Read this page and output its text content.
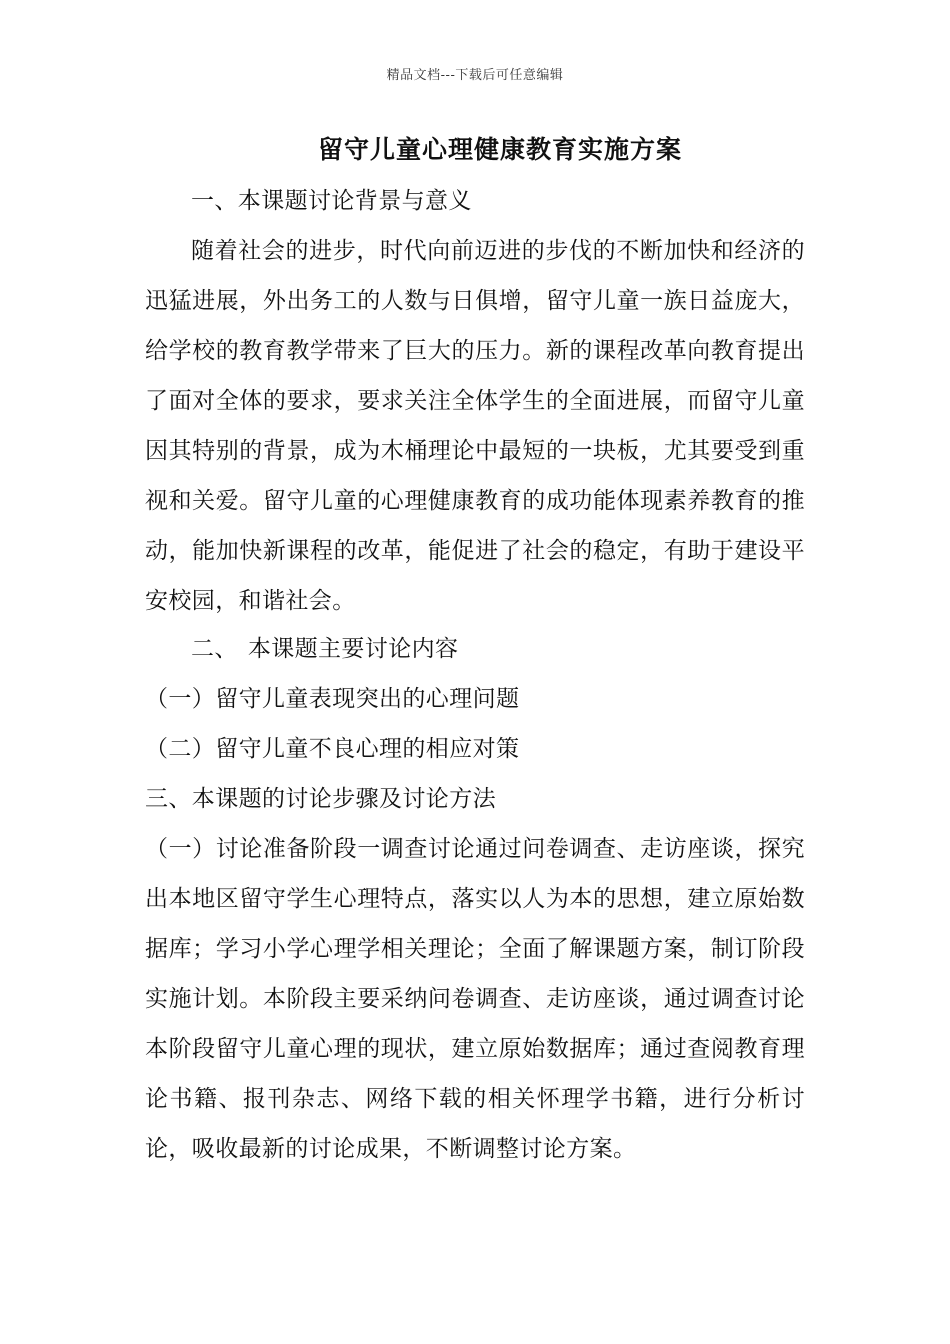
精品文档---下载后可任意编辑
留守儿童心理健康教育实施方案

一、本课题讨论背景与意义

随着社会的进步，时代向前迈进的步伐的不断加快和经济的迅猛进展，外出务工的人数与日俱增，留守儿童一族日益庞大，给学校的教育教学带来了巨大的压力。新的课程改革向教育提出了面对全体的要求，要求关注全体学生的全面进展，而留守儿童因其特别的背景，成为木桶理论中最短的一块板，尤其要受到重视和关爱。留守儿童的心理健康教育的成功能体现素养教育的推动，能加快新课程的改革，能促进了社会的稳定，有助于建设平安校园，和谐社会。

二、 本课题主要讨论内容

（一）留守儿童表现突出的心理问题

（二）留守儿童不良心理的相应对策

三、本课题的讨论步骤及讨论方法

（一）讨论准备阶段一调查讨论通过问卷调查、走访座谈，探究出本地区留守学生心理特点，落实以人为本的思想，建立原始数据库；学习小学心理学相关理论；全面了解课题方案，制订阶段实施计划。本阶段主要采纳问卷调查、走访座谈，通过调查讨论本阶段留守儿童心理的现状，建立原始数据库；通过查阅教育理论书籍、报刊杂志、网络下载的相关怀理学书籍，进行分析讨论，吸收最新的讨论成果，不断调整讨论方案。
